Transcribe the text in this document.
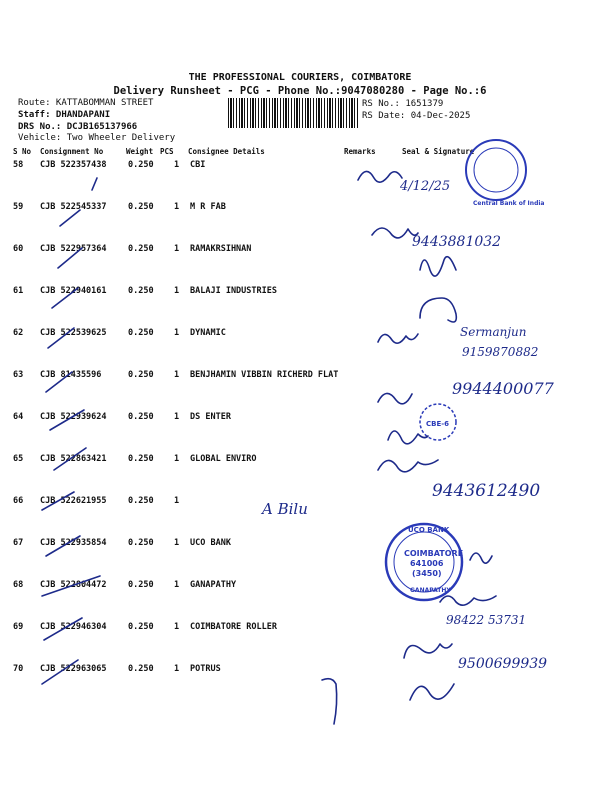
THE PROFESSIONAL COURIERS, COIMBATORE
Delivery Runsheet - PCG - Phone No.:9047080280 - Page No.:6
Route: KATTABOMMAN STREET
Staff: DHANDAPANI
DRS No.: DCJB165137966
Vehicle: Two Wheeler Delivery
RS No.: 1651379
RS Date: 04-Dec-2025
S No Consignment No	Weight PCS Consignee Details	Remarks	Seal & Signature
58 CJB 522357438	0.250 1 CBI
59 CJB 522545337	0.250 1 M R FAB
60 CJB 522957364	0.250 1 RAMAKRSIHNAN
61 CJB 522940161	0.250 1 BALAJI INDUSTRIES
62 CJB 522539625	0.250 1 DYNAMIC
63 CJB 81435596	0.250 1 BENJHAMIN VIBBIN RICHERD FLAT
64 CJB 522939624	0.250 1 DS ENTER
65 CJB 522863421	0.250 1 GLOBAL ENVIRO
66 CJB 522621955	0.250 1
67 CJB 522935854	0.250 1 UCO BANK
68 CJB 522804472	0.250 1 GANAPATHY
69 CJB 522946304	0.250 1 COIMBATORE ROLLER
70 CJB 522963065	0.250 1 POTRUS
Central Bank of India
4/12/25
9443881032
Sermanjun
9159870882
9944400077
CBE-6
9443612490
A Bilu
UCO BANK
COIMBATORE
641006
(3450)
GANAPATHY
98422 53731
9500699939
